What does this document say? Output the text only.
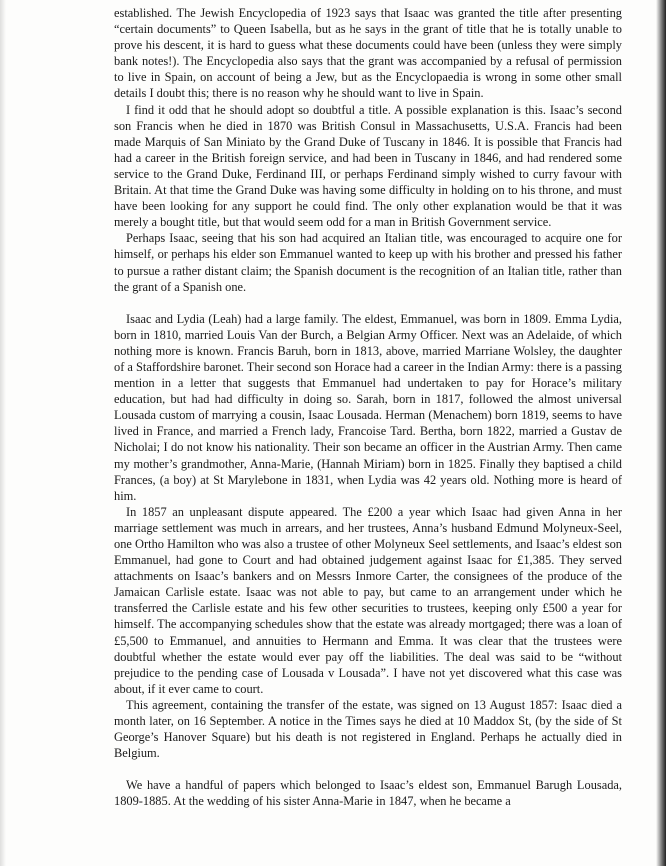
established. The Jewish Encyclopedia of 1923 says that Isaac was granted the title after presenting “certain documents” to Queen Isabella, but as he says in the grant of title that he is totally unable to prove his descent, it is hard to guess what these documents could have been (unless they were simply bank notes!). The Encyclopedia also says that the grant was accompanied by a refusal of permission to live in Spain, on account of being a Jew, but as the Encyclopaedia is wrong in some other small details I doubt this; there is no reason why he should want to live in Spain.

I find it odd that he should adopt so doubtful a title. A possible explanation is this. Isaac’s second son Francis when he died in 1870 was British Consul in Massachusetts, U.S.A. Francis had been made Marquis of San Miniato by the Grand Duke of Tuscany in 1846. It is possible that Francis had had a career in the British foreign service, and had been in Tuscany in 1846, and had rendered some service to the Grand Duke, Ferdinand III, or perhaps Ferdinand simply wished to curry favour with Britain. At that time the Grand Duke was having some difficulty in holding on to his throne, and must have been looking for any support he could find. The only other explanation would be that it was merely a bought title, but that would seem odd for a man in British Government service.

Perhaps Isaac, seeing that his son had acquired an Italian title, was encouraged to acquire one for himself, or perhaps his elder son Emmanuel wanted to keep up with his brother and pressed his father to pursue a rather distant claim; the Spanish document is the recognition of an Italian title, rather than the grant of a Spanish one.

Isaac and Lydia (Leah) had a large family. The eldest, Emmanuel, was born in 1809. Emma Lydia, born in 1810, married Louis Van der Burch, a Belgian Army Officer. Next was an Adelaide, of which nothing more is known. Francis Baruh, born in 1813, above, married Marriane Wolsley, the daughter of a Staffordshire baronet. Their second son Horace had a career in the Indian Army: there is a passing mention in a letter that suggests that Emmanuel had undertaken to pay for Horace’s military education, but had had difficulty in doing so. Sarah, born in 1817, followed the almost universal Lousada custom of marrying a cousin, Isaac Lousada. Herman (Menachem) born 1819, seems to have lived in France, and married a French lady, Francoise Tard. Bertha, born 1822, married a Gustav de Nicholai; I do not know his nationality. Their son became an officer in the Austrian Army. Then came my mother’s grandmother, Anna-Marie, (Hannah Miriam) born in 1825. Finally they baptised a child Frances, (a boy) at St Marylebone in 1831, when Lydia was 42 years old. Nothing more is heard of him.

In 1857 an unpleasant dispute appeared. The £200 a year which Isaac had given Anna in her marriage settlement was much in arrears, and her trustees, Anna’s husband Edmund Molyneux-Seel, one Ortho Hamilton who was also a trustee of other Molyneux Seel settlements, and Isaac’s eldest son Emmanuel, had gone to Court and had obtained judgement against Isaac for £1,385. They served attachments on Isaac’s bankers and on Messrs Inmore Carter, the consignees of the produce of the Jamaican Carlisle estate. Isaac was not able to pay, but came to an arrangement under which he transferred the Carlisle estate and his few other securities to trustees, keeping only £500 a year for himself. The accompanying schedules show that the estate was already mortgaged; there was a loan of £5,500 to Emmanuel, and annuities to Hermann and Emma. It was clear that the trustees were doubtful whether the estate would ever pay off the liabilities. The deal was said to be “without prejudice to the pending case of Lousada v Lousada”. I have not yet discovered what this case was about, if it ever came to court.

This agreement, containing the transfer of the estate, was signed on 13 August 1857: Isaac died a month later, on 16 September. A notice in the Times says he died at 10 Maddox St, (by the side of St George’s Hanover Square) but his death is not registered in England. Perhaps he actually died in Belgium.

We have a handful of papers which belonged to Isaac’s eldest son, Emmanuel Barugh Lousada, 1809-1885. At the wedding of his sister Anna-Marie in 1847, when he became a
